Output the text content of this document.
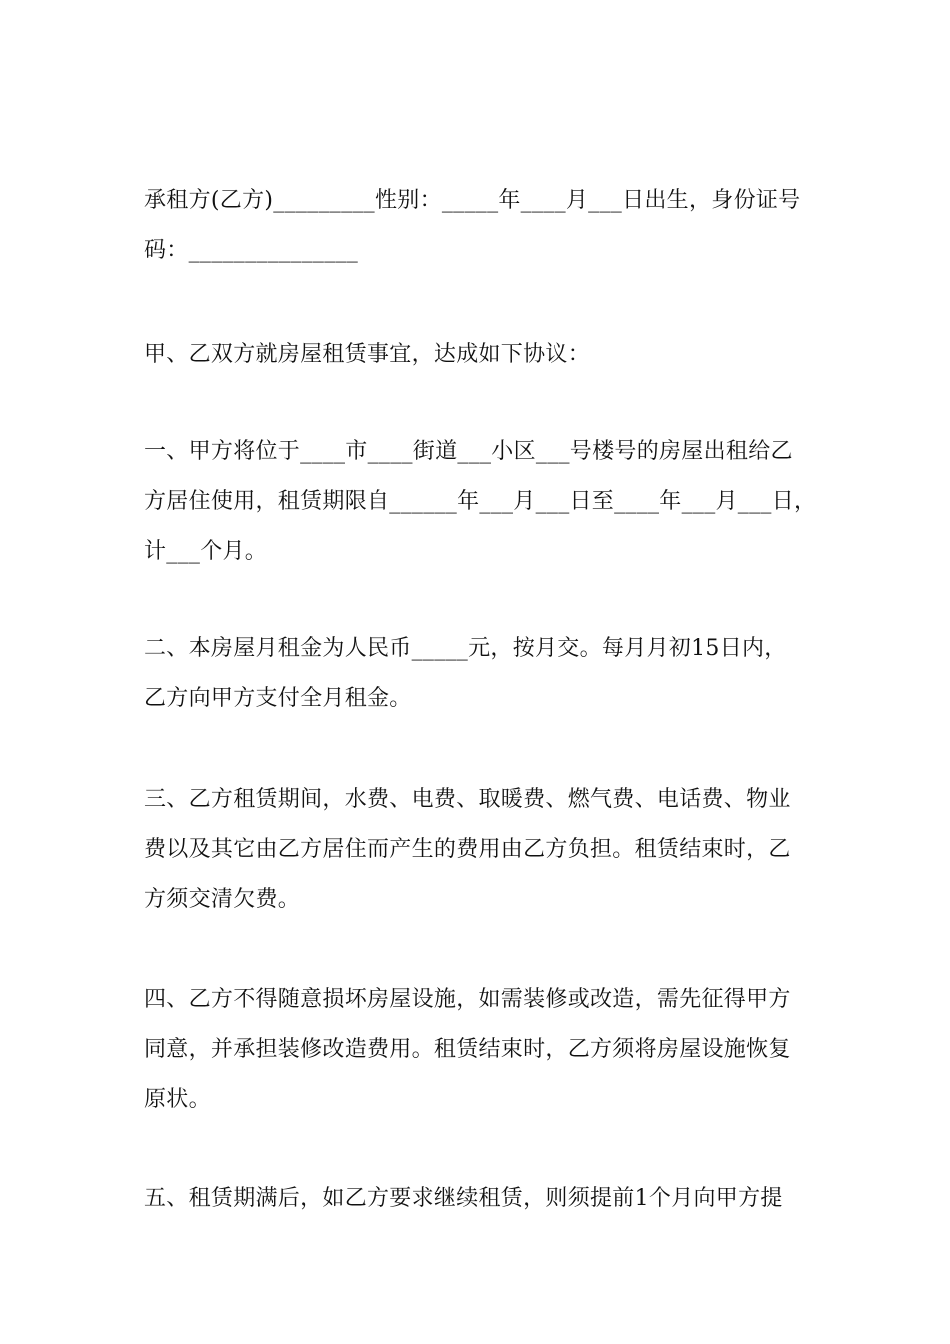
承租方(乙方)_________性别：_____年____月___日出生，身份证号
码：_______________
甲、乙双方就房屋租赁事宜，达成如下协议：
一、甲方将位于____市____街道___小区___号楼号的房屋出租给乙
方居住使用，租赁期限自______年___月___日至____年___月___日，
计___个月。
二、本房屋月租金为人民币_____元，按月交。每月月初15日内，
乙方向甲方支付全月租金。
三、乙方租赁期间，水费、电费、取暖费、燃气费、电话费、物业
费以及其它由乙方居住而产生的费用由乙方负担。租赁结束时，乙
方须交清欠费。
四、乙方不得随意损坏房屋设施，如需装修或改造，需先征得甲方
同意，并承担装修改造费用。租赁结束时，乙方须将房屋设施恢复
原状。
五、租赁期满后，如乙方要求继续租赁，则须提前1个月向甲方提
